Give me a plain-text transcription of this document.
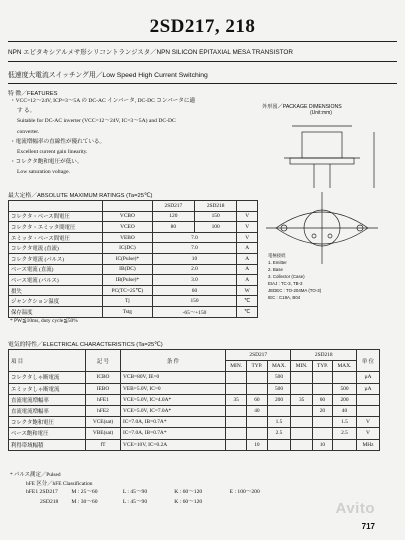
2SD217, 218
NPN エピタキシアルメサ形シリコントランジスタ／NPN SILICON EPITAXIAL MESA TRANSISTOR
低速度大電流スイッチング用／Low Speed High Current Switching
特 徴／FEATURES
・VCC=12～24V, ICP=3～5A の DC-AC インバータ, DC-DC コンバータに適
す る。
Suitable for DC-AC inverter (VCC=12～24V, IC=3～5A) and DC-DC
converter.
・電流増幅率の直線性が優れている。
Excellent current gain linearity.
・コレクタ飽和電圧が低い。
Low saturation voltage.
外形図／PACKAGE DIMENSIONS
(Unit:mm)
電極接続
1. Emitter
2. Base
3. Collector (Case)
EIAJ : TC-3, TB-3
JEDEC : TO-204MA (TO-3)
IEC : C18A, B04
最大定格／ABSOLUTE MAXIMUM RATINGS (Ta=25℃)
		2SD217	2SD218	
コレクタ・ベース間電圧	VCBO	120	150	V
コレクタ・エミッタ間電圧	VCEO	80	100	V
エミッタ・ベース間電圧	VEBO	7.0		V
コレクタ電流 (直流)	IC(DC)	7.0		A
コレクタ電流 (パルス)	IC(Pulse)*	10		A
ベース電流 (直流)	IB(DC)	2.0		A
ベース電流 (パルス)	IB(Pulse)*	3.0		A
損失	PC(TC=25℃)	60		W
ジャンクション温度	Tj	150		℃
保存温度	Tstg	-65～+150		℃
* PW≦10ms, duty cycle≦50%
電気的特性／ELECTRICAL CHARACTERISTICS (Ta=25℃)
項 目	記 号	条 件	2SD217			2SD218			単 位
			MIN.	TYP.	MAX.	MIN.	TYP.	MAX.	
コレクタしゃ断電流	ICBO	VCB=80V, IE=0			500				µA
エミッタしゃ断電流	IEBO	VEB=5.0V, IC=0			500			500	µA
直流電流増幅率	hFE1	VCE=5.0V, IC=4.0A*	35	60	200	35	60	200	
直流電流増幅率	hFE2	VCE=5.0V, IC=7.0A*		40			20	40	
コレクタ飽和電圧	VCE(sat)	IC=7.0A, IB=0.7A*			1.5			1.5	V
ベース飽和電圧	VBE(sat)	IC=7.0A, IB=0.7A*			2.5			2.5	V
利得帯域幅積	fT	VCE=10V, IC=0.2A		10			10		MHz
* パルス測定／Pulsed
hFE 区分／hFE Classification
hFE1 2SD217 M : 25～60	L : 45～90	K : 60～120	E : 100～200
2SD218 M : 30～60	L : 45～90	K : 60～120	Avito
717
